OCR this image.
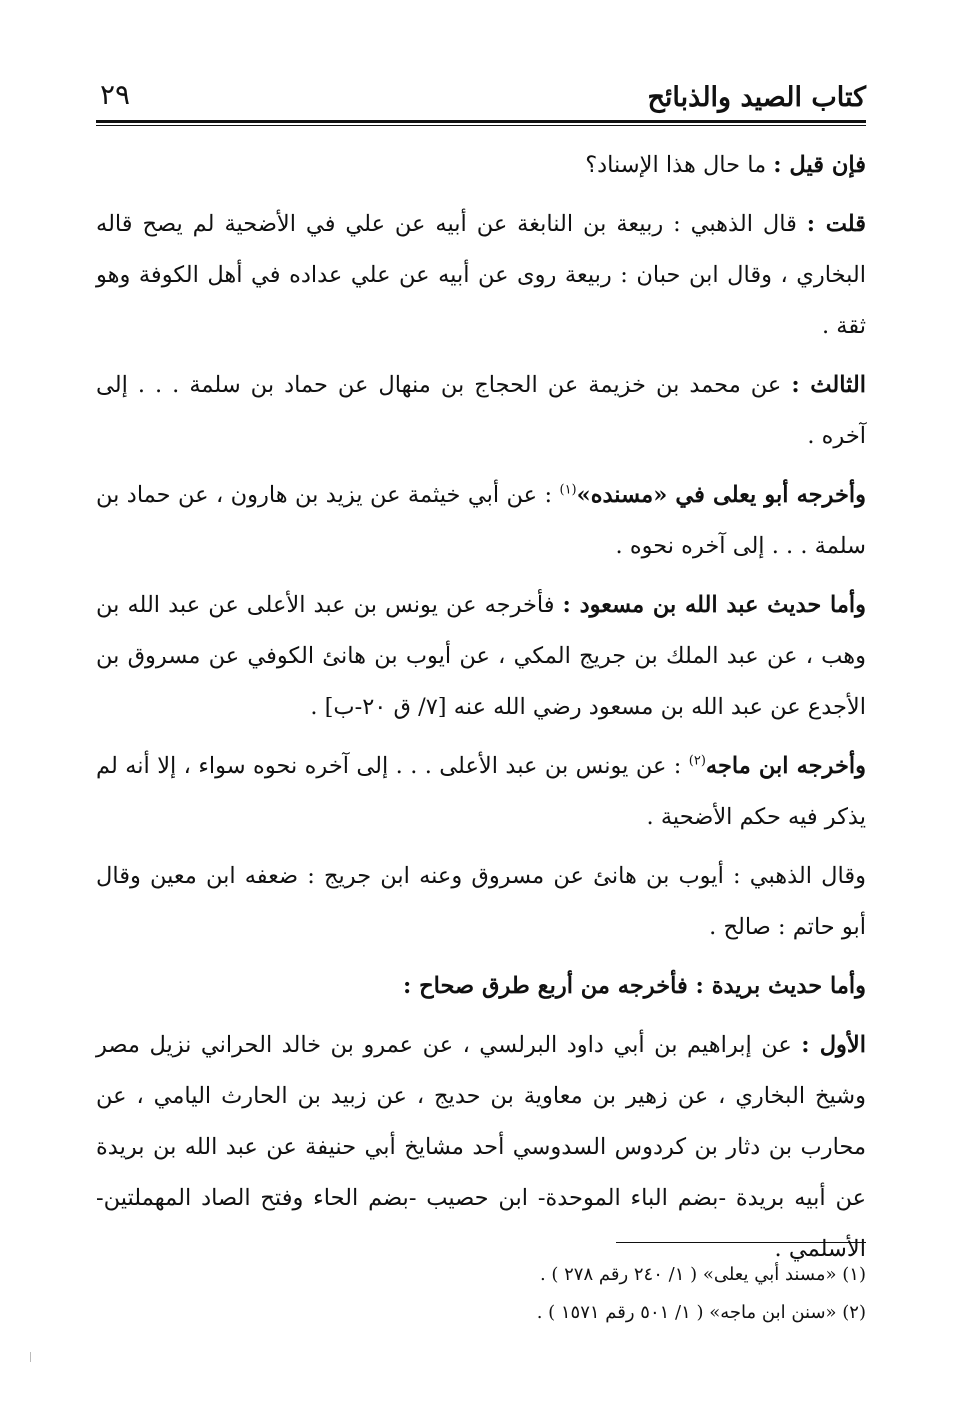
كتاب الصيد والذبائح
٢٩

فإن قيل : ما حال هذا الإسناد؟

قلت : قال الذهبي : ربيعة بن النابغة عن أبيه عن علي في الأضحية لم يصح قاله البخاري ، وقال ابن حبان : ربيعة روى عن أبيه عن علي عداده في أهل الكوفة وهو ثقة .

الثالث : عن محمد بن خزيمة عن الحجاج بن منهال عن حماد بن سلمة . . . إلى آخره .

وأخرجه أبو يعلى في «مسنده»$^{(١)}$ : عن أبي خيثمة عن يزيد بن هارون ، عن حماد بن سلمة . . . إلى آخره نحوه .

وأما حديث عبد الله بن مسعود : فأخرجه عن يونس بن عبد الأعلى عن عبد الله بن وهب ، عن عبد الملك بن جريج المكي ، عن أيوب بن هانئ الكوفي عن مسروق بن الأجدع عن عبد الله بن مسعود رضي الله عنه [٧/ ق ٢٠-ب] .

وأخرجه ابن ماجه$^{(٢)}$ : عن يونس بن عبد الأعلى . . . إلى آخره نحوه سواء ، إلا أنه لم يذكر فيه حكم الأضحية .

وقال الذهبي : أيوب بن هانئ عن مسروق وعنه ابن جريج : ضعفه ابن معين وقال أبو حاتم : صالح .

وأما حديث بريدة : فأخرجه من أربع طرق صحاح :

الأول : عن إبراهيم بن أبي داود البرلسي ، عن عمرو بن خالد الحراني نزيل مصر وشيخ البخاري ، عن زهير بن معاوية بن حديج ، عن زبيد بن الحارث اليامي ، عن محارب بن دثار بن كردوس السدوسي أحد مشايخ أبي حنيفة عن عبد الله بن بريدة عن أبيه بريدة -بضم الباء الموحدة- ابن حصيب -بضم الحاء وفتح الصاد المهملتين- الأسلمي .

(١) «مسند أبي يعلى» ( ١/ ٢٤٠ رقم ٢٧٨ ) .
(٢) «سنن ابن ماجه» ( ١/ ٥٠١ رقم ١٥٧١ ) .
